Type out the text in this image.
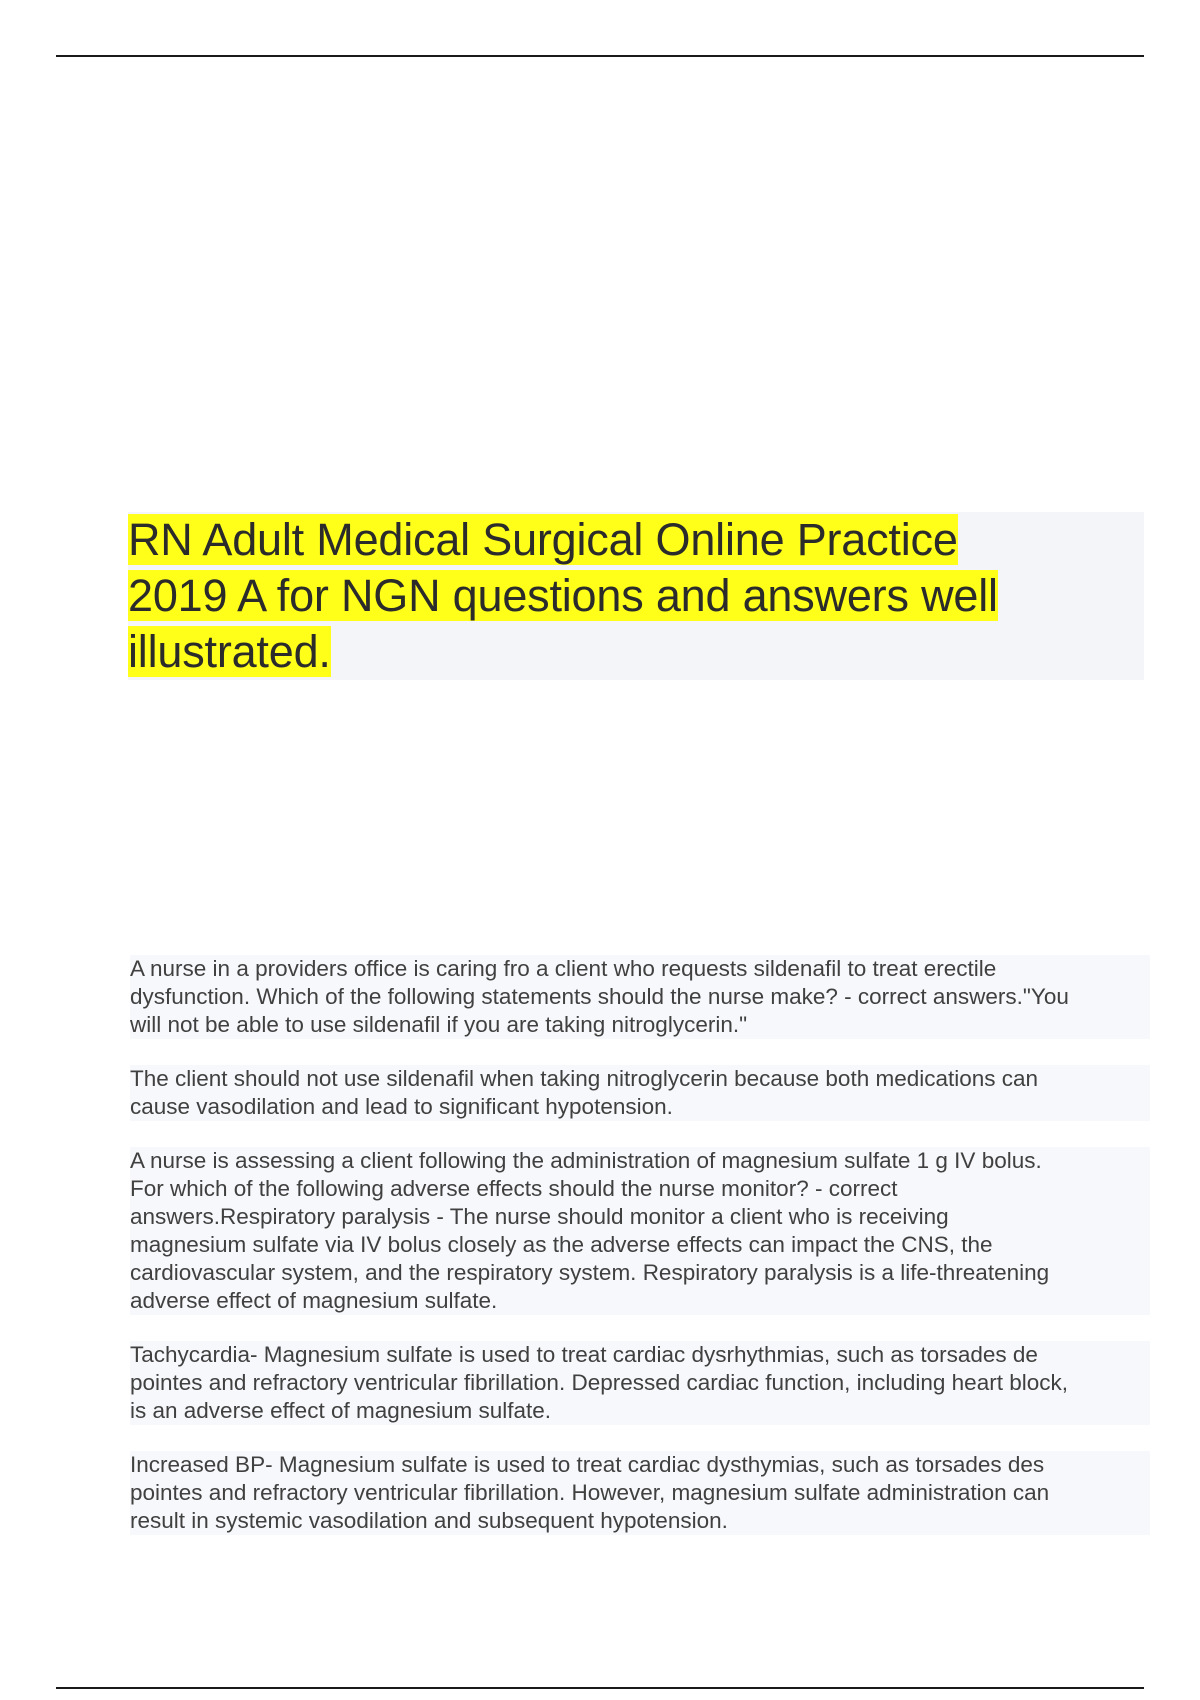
RN Adult Medical Surgical Online Practice
2019 A for NGN questions and answers well
illustrated.

A nurse in a providers office is caring fro a client who requests sildenafil to treat erectile
dysfunction. Which of the following statements should the nurse make? - correct answers."You
will not be able to use sildenafil if you are taking nitroglycerin."

The client should not use sildenafil when taking nitroglycerin because both medications can
cause vasodilation and lead to significant hypotension.

A nurse is assessing a client following the administration of magnesium sulfate 1 g IV bolus.
For which of the following adverse effects should the nurse monitor? - correct
answers.Respiratory paralysis - The nurse should monitor a client who is receiving
magnesium sulfate via IV bolus closely as the adverse effects can impact the CNS, the
cardiovascular system, and the respiratory system. Respiratory paralysis is a life-threatening
adverse effect of magnesium sulfate.

Tachycardia- Magnesium sulfate is used to treat cardiac dysrhythmias, such as torsades de
pointes and refractory ventricular fibrillation. Depressed cardiac function, including heart block,
is an adverse effect of magnesium sulfate.

Increased BP- Magnesium sulfate is used to treat cardiac dysthymias, such as torsades des
pointes and refractory ventricular fibrillation. However, magnesium sulfate administration can
result in systemic vasodilation and subsequent hypotension.
